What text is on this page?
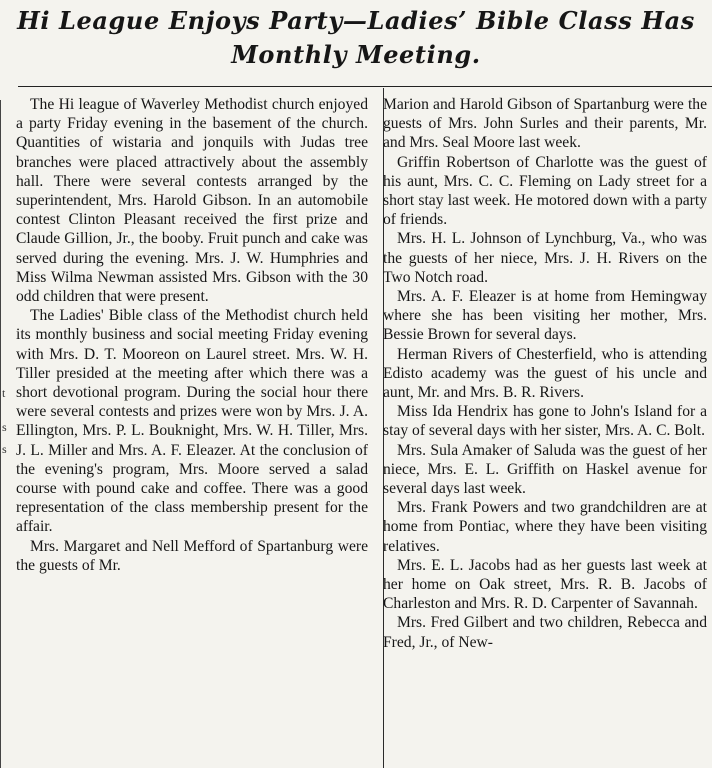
Hi League Enjoys Party—Ladies’ Bible Class Has
Monthly Meeting.
t
s
s

The Hi league of Waverley Methodist church enjoyed a party Friday evening in the basement of the church. Quantities of wistaria and jonquils with Judas tree branches were placed attractively about the assembly hall. There were several contests arranged by the superintendent, Mrs. Harold Gibson. In an automobile contest Clinton Pleasant received the first prize and Claude Gillion, Jr., the booby. Fruit punch and cake was served during the evening. Mrs. J. W. Humphries and Miss Wilma Newman assisted Mrs. Gibson with the 30 odd children that were present.

The Ladies' Bible class of the Methodist church held its monthly business and social meeting Friday evening with Mrs. D. T. Mooreon on Laurel street. Mrs. W. H. Tiller presided at the meeting after which there was a short devotional program. During the social hour there were several contests and prizes were won by Mrs. J. A. Ellington, Mrs. P. L. Bouknight, Mrs. W. H. Tiller, Mrs. J. L. Miller and Mrs. A. F. Eleazer. At the conclusion of the evening's program, Mrs. Moore served a salad course with pound cake and coffee. There was a good representation of the class membership present for the affair.

Mrs. Margaret and Nell Mefford of Spartanburg were the guests of Mr.

Marion and Harold Gibson of Spartanburg were the guests of Mrs. John Surles and their parents, Mr. and Mrs. Seal Moore last week.

Griffin Robertson of Charlotte was the guest of his aunt, Mrs. C. C. Fleming on Lady street for a short stay last week. He motored down with a party of friends.

Mrs. H. L. Johnson of Lynchburg, Va., who was the guests of her niece, Mrs. J. H. Rivers on the Two Notch road.

Mrs. A. F. Eleazer is at home from Hemingway where she has been visiting her mother, Mrs. Bessie Brown for several days.

Herman Rivers of Chesterfield, who is attending Edisto academy was the guest of his uncle and aunt, Mr. and Mrs. B. R. Rivers.

Miss Ida Hendrix has gone to John's Island for a stay of several days with her sister, Mrs. A. C. Bolt.

Mrs. Sula Amaker of Saluda was the guest of her niece, Mrs. E. L. Griffith on Haskel avenue for several days last week.

Mrs. Frank Powers and two grandchildren are at home from Pontiac, where they have been visiting relatives.

Mrs. E. L. Jacobs had as her guests last week at her home on Oak street, Mrs. R. B. Jacobs of Charleston and Mrs. R. D. Carpenter of Savannah.

Mrs. Fred Gilbert and two children, Rebecca and Fred, Jr., of New-
